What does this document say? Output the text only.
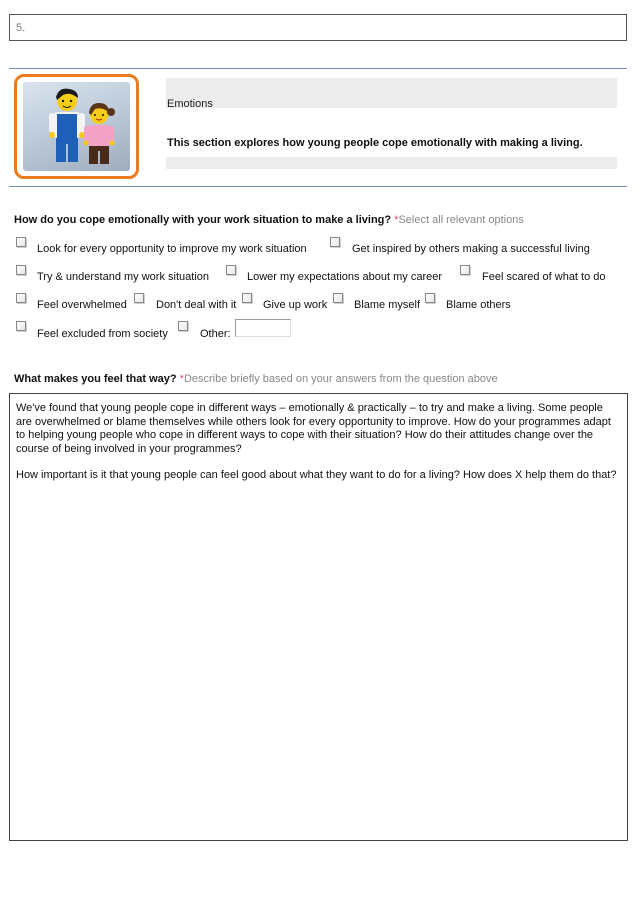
5.
Emotions
This section explores how young people cope emotionally with making a living.
How do you cope emotionally with your work situation to make a living? *Select all relevant options
Look for every opportunity to improve my work situation	Get inspired by others making a successful living
Try & understand my work situation	Lower my expectations about my career	Feel scared of what to do
Feel overwhelmed	Don't deal with it Give up work Blame myself Blame others
Feel excluded from society	Other:
What makes you feel that way? *Describe briefly based on your answers from the question above

We've found that young people cope in different ways – emotionally & practically – to try and make a living. Some people are overwhelmed or blame themselves while others look for every opportunity to improve. How do your programmes adapt to helping young people who cope in different ways to cope with their situation? How do their attitudes change over the course of being involved in your programmes?

How important is it that young people can feel good about what they want to do for a living? How does X help them do that?
